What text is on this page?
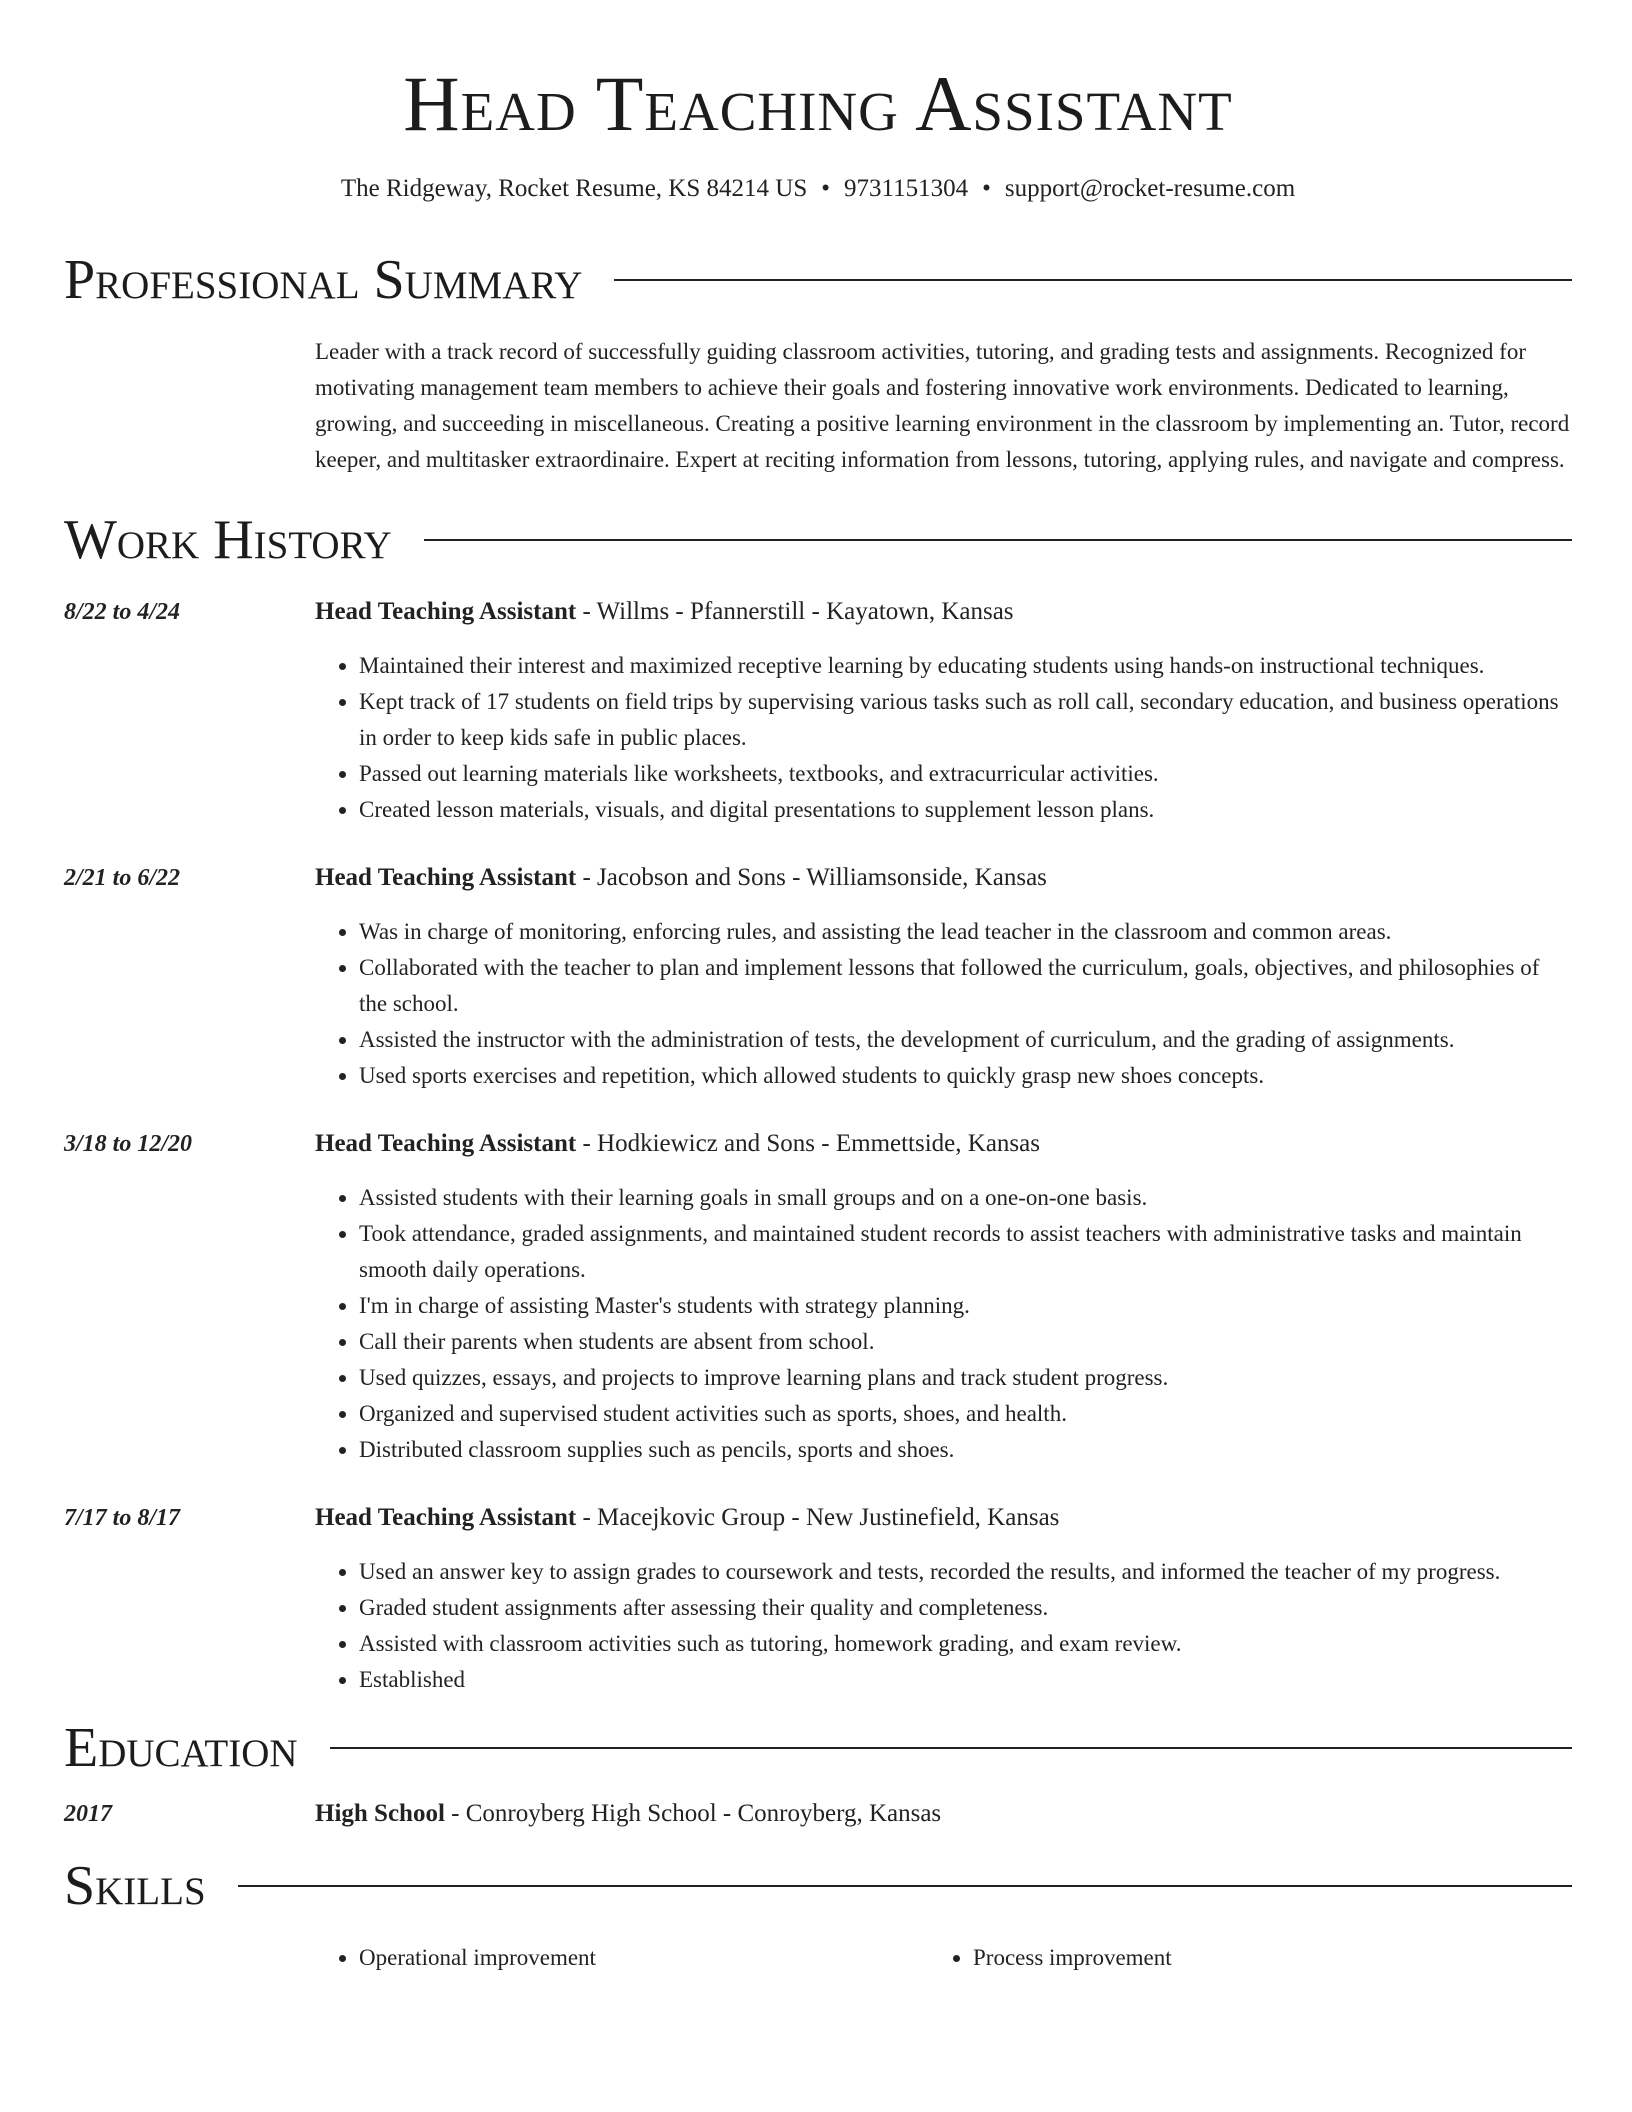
Head Teaching Assistant
The Ridgeway, Rocket Resume, KS 84214 US • 9731151304 • support@rocket-resume.com
Professional Summary
Leader with a track record of successfully guiding classroom activities, tutoring, and grading tests and assignments. Recognized for motivating management team members to achieve their goals and fostering innovative work environments. Dedicated to learning, growing, and succeeding in miscellaneous. Creating a positive learning environment in the classroom by implementing an. Tutor, record keeper, and multitasker extraordinaire. Expert at reciting information from lessons, tutoring, applying rules, and navigate and compress.
Work History
8/22 to 4/24	Head Teaching Assistant - Willms - Pfannerstill - Kayatown, Kansas
• Maintained their interest and maximized receptive learning by educating students using hands-on instructional techniques.
• Kept track of 17 students on field trips by supervising various tasks such as roll call, secondary education, and business operations in order to keep kids safe in public places.
• Passed out learning materials like worksheets, textbooks, and extracurricular activities.
• Created lesson materials, visuals, and digital presentations to supplement lesson plans.
2/21 to 6/22	Head Teaching Assistant - Jacobson and Sons - Williamsonside, Kansas
• Was in charge of monitoring, enforcing rules, and assisting the lead teacher in the classroom and common areas.
• Collaborated with the teacher to plan and implement lessons that followed the curriculum, goals, objectives, and philosophies of the school.
• Assisted the instructor with the administration of tests, the development of curriculum, and the grading of assignments.
• Used sports exercises and repetition, which allowed students to quickly grasp new shoes concepts.
3/18 to 12/20	Head Teaching Assistant - Hodkiewicz and Sons - Emmettside, Kansas
• Assisted students with their learning goals in small groups and on a one-on-one basis.
• Took attendance, graded assignments, and maintained student records to assist teachers with administrative tasks and maintain smooth daily operations.
• I'm in charge of assisting Master's students with strategy planning.
• Call their parents when students are absent from school.
• Used quizzes, essays, and projects to improve learning plans and track student progress.
• Organized and supervised student activities such as sports, shoes, and health.
• Distributed classroom supplies such as pencils, sports and shoes.
7/17 to 8/17	Head Teaching Assistant - Macejkovic Group - New Justinefield, Kansas
• Used an answer key to assign grades to coursework and tests, recorded the results, and informed the teacher of my progress.
• Graded student assignments after assessing their quality and completeness.
• Assisted with classroom activities such as tutoring, homework grading, and exam review.
• Established
Education
2017	High School - Conroyberg High School - Conroyberg, Kansas
Skills
• Operational improvement
•	Process improvement
